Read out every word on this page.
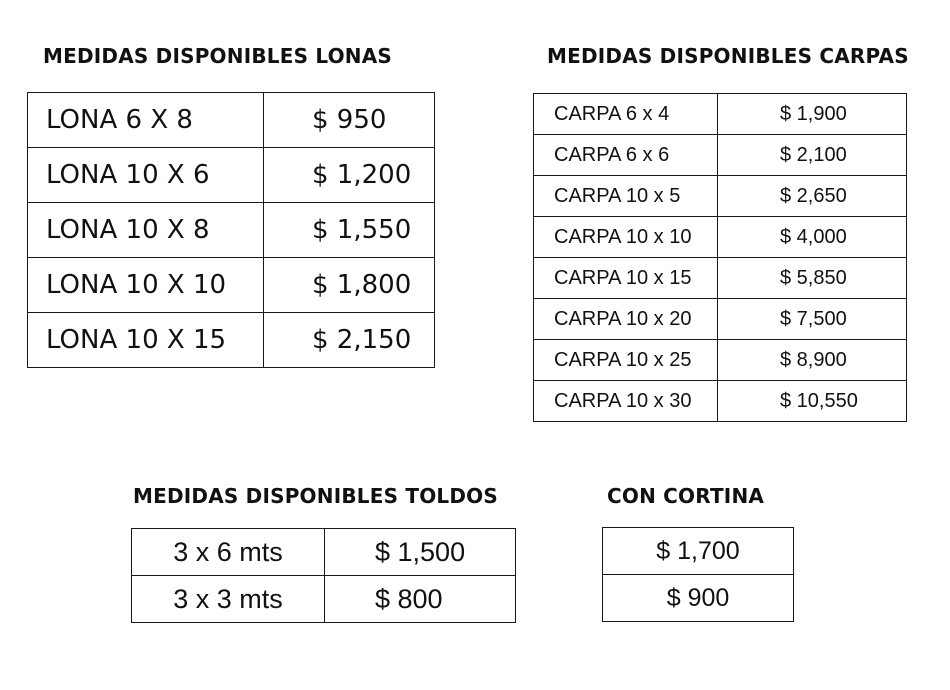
MEDIDAS DISPONIBLES LONAS
LONA 6 X 8	$ 950
LONA 10 X 6	$ 1,200
LONA 10 X 8	$ 1,550
LONA 10 X 10	$ 1,800
LONA 10 X 15	$ 2,150
MEDIDAS DISPONIBLES CARPAS
CARPA 6 x 4	$ 1,900
CARPA 6 x 6	$ 2,100
CARPA 10 x 5	$ 2,650
CARPA 10 x 10	$ 4,000
CARPA 10 x 15	$ 5,850
CARPA 10 x 20	$ 7,500
CARPA 10 x 25	$ 8,900
CARPA 10 x 30	$ 10,550
MEDIDAS DISPONIBLES TOLDOS
3 x 6 mts	$ 1,500
3 x 3 mts	$ 800
CON CORTINA
$ 1,700
$ 900
